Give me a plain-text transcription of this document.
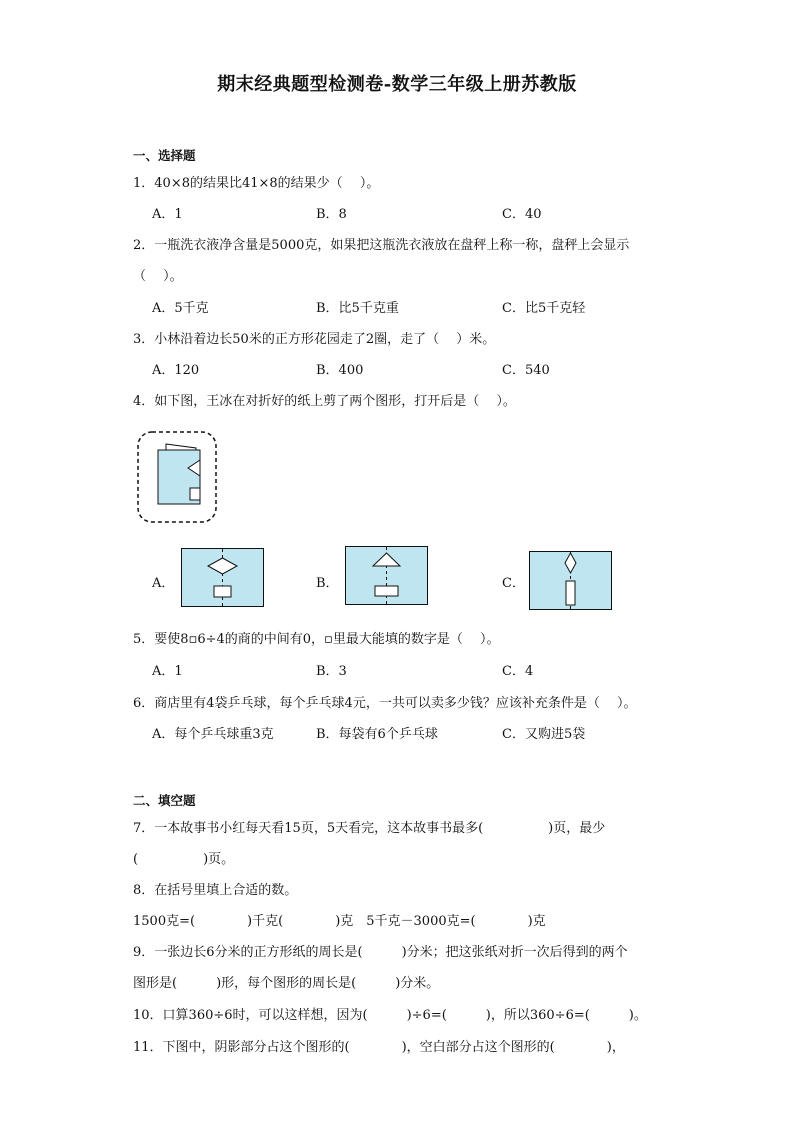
期末经典题型检测卷-数学三年级上册苏教版
一、选择题
1．40×8的结果比41×8的结果少（　 ）。
A．1	B．8	C．40
2．一瓶洗衣液净含量是5000克，如果把这瓶洗衣液放在盘秤上称一称，盘秤上会显示
（　 ）。
A．5千克	B．比5千克重	C．比5千克轻
3．小林沿着边长50米的正方形花园走了2圈，走了（　 ）米。
A．120	B．400	C．540
4．如下图，王冰在对折好的纸上剪了两个图形，打开后是（　 ）。
A．	B．	C．
5．要使8▫6÷4的商的中间有0，▫里最大能填的数字是（　 ）。
A．1	B．3	C．4
6．商店里有4袋乒乓球，每个乒乓球4元，一共可以卖多少钱？应该补充条件是（　 ）。
A．每个乒乓球重3克	B．每袋有6个乒乓球	C．又购进5袋
二、填空题
7．一本故事书小红每天看15页，5天看完，这本故事书最多(　　　　　)页，最少
(　　　　　)页。
8．在括号里填上合适的数。
1500克=(　　　　)千克(　　　　)克　5千克－3000克=(　　　　)克
9．一张边长6分米的正方形纸的周长是(　　　)分米；把这张纸对折一次后得到的两个
图形是(　　　)形，每个图形的周长是(　　　)分米。
10．口算360÷6时，可以这样想，因为(　　　)÷6=(　　　)，所以360÷6=(　　　)。
11．下图中，阴影部分占这个图形的(　　　　)，空白部分占这个图形的(　　　　)，
